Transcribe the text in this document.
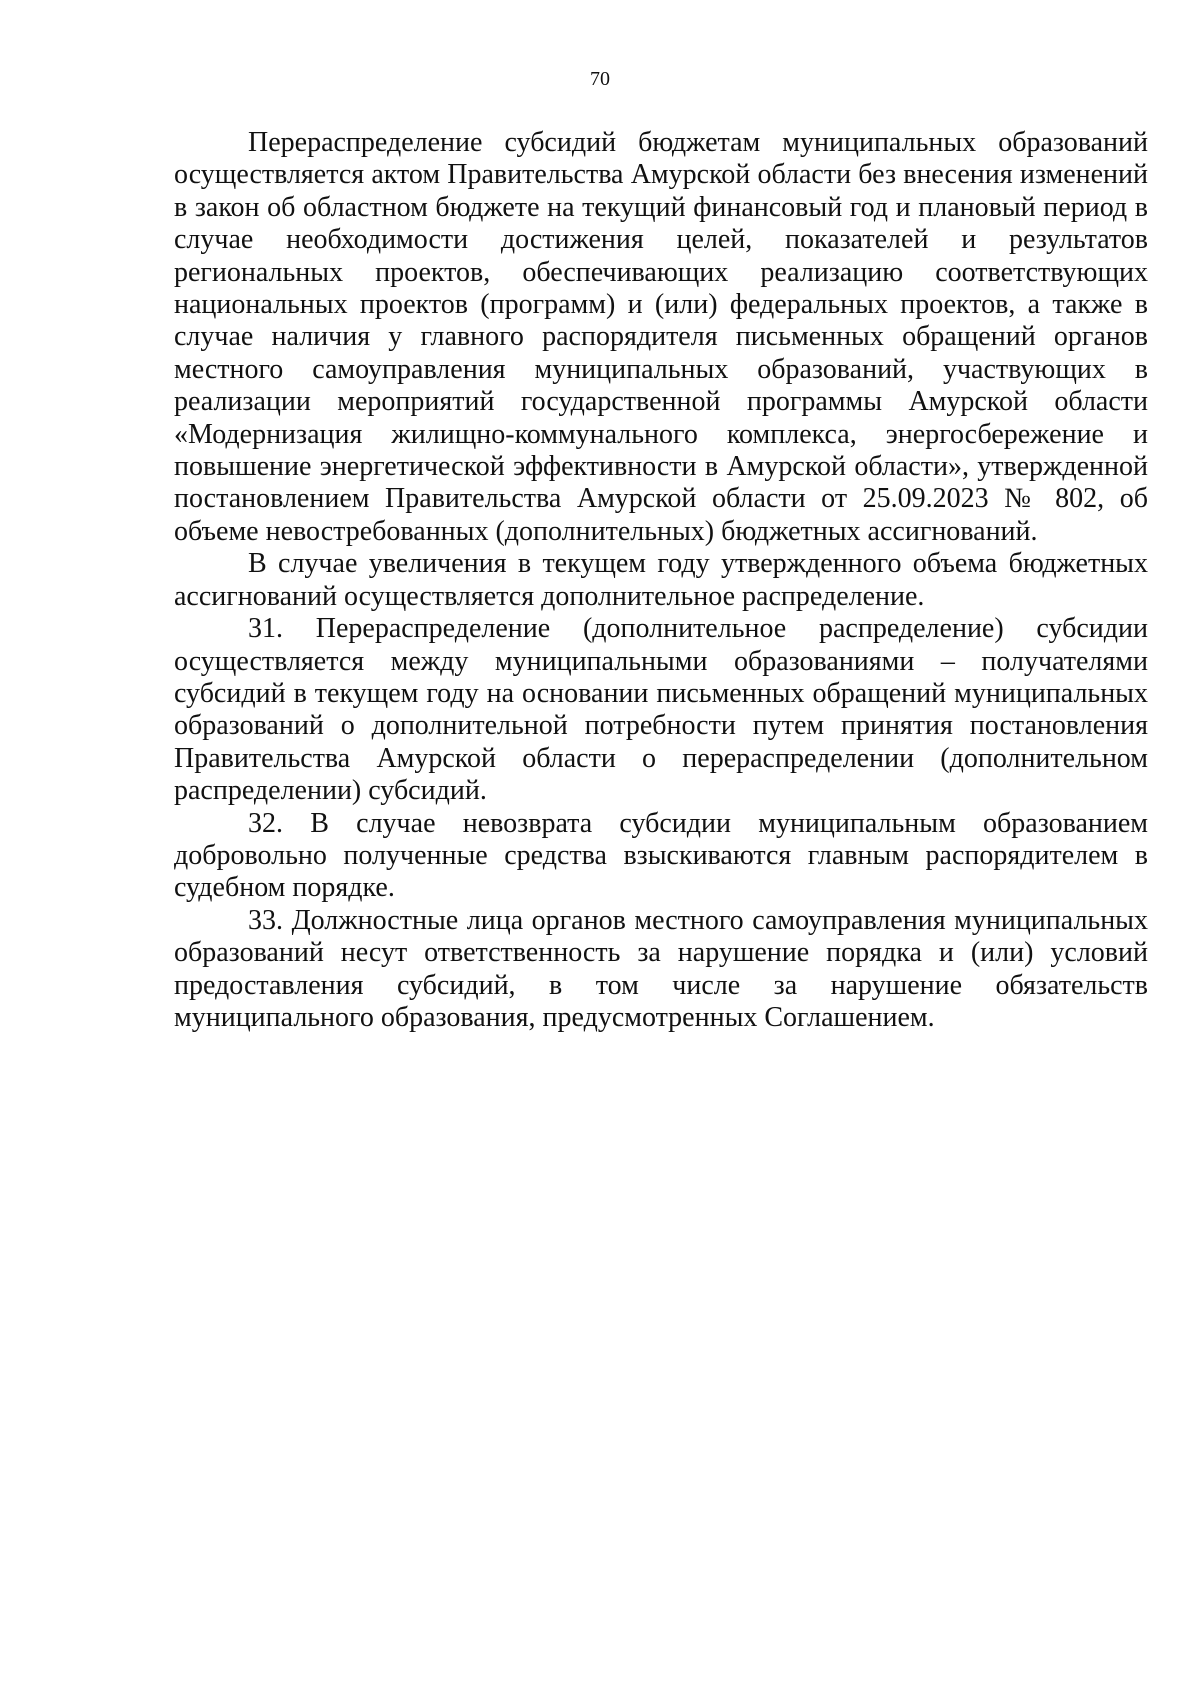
70

Перераспределение субсидий бюджетам муниципальных образований осуществляется актом Правительства Амурской области без внесения изменений в закон об областном бюджете на текущий финансовый год и плановый период в случае необходимости достижения целей, показателей и результатов региональных проектов, обеспечивающих реализацию соответствующих национальных проектов (программ) и (или) федеральных проектов, а также в случае наличия у главного распорядителя письменных обращений органов местного самоуправления муниципальных образований, участвующих в реализации мероприятий государственной программы Амурской области «Модернизация жилищно-коммунального комплекса, энергосбережение и повышение энергетической эффективности в Амурской области», утвержденной постановлением Правительства Амурской области от 25.09.2023 № 802, об объеме невостребованных (дополнительных) бюджетных ассигнований.

В случае увеличения в текущем году утвержденного объема бюджетных ассигнований осуществляется дополнительное распределение.

31. Перераспределение (дополнительное распределение) субсидии осуществляется между муниципальными образованиями – получателями субсидий в текущем году на основании письменных обращений муниципальных образований о дополнительной потребности путем принятия постановления Правительства Амурской области о перераспределении (дополнительном распределении) субсидий.

32. В случае невозврата субсидии муниципальным образованием добровольно полученные средства взыскиваются главным распорядителем в судебном порядке.

33. Должностные лица органов местного самоуправления муниципальных образований несут ответственность за нарушение порядка и (или) условий предоставления субсидий, в том числе за нарушение обязательств муниципального образования, предусмотренных Соглашением.
